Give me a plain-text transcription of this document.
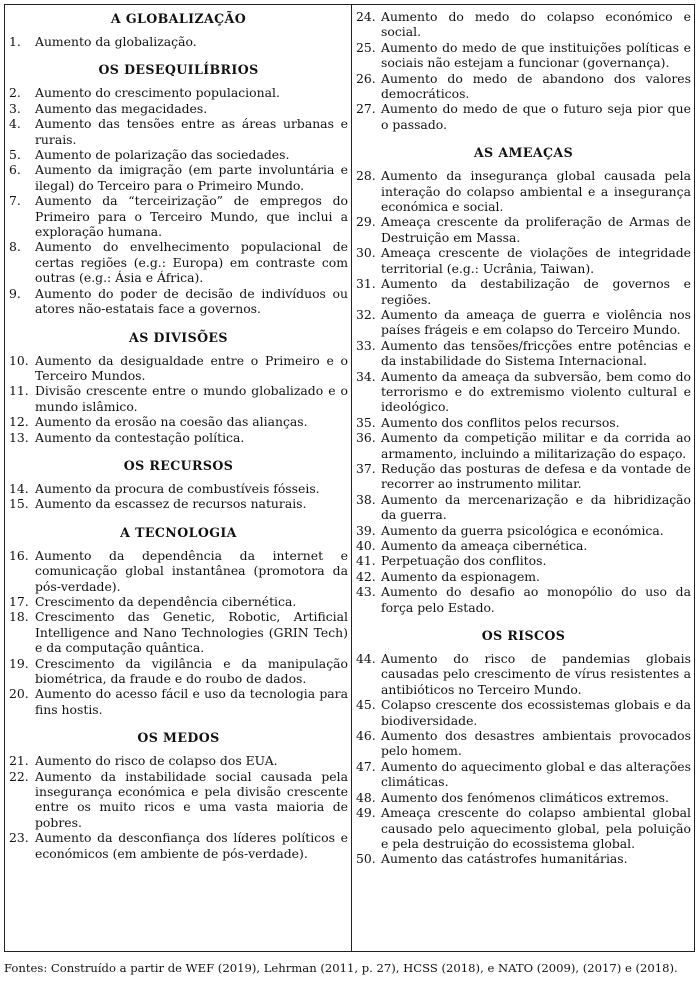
A GLOBALIZAÇÃO
1.	Aumento da globalização.
OS DESEQUILÍBRIOS
2.	Aumento do crescimento populacional.
3.	Aumento das megacidades.
4.	Aumento das tensões entre as áreas urbanas e rurais.
5.	Aumento de polarização das sociedades.
6.	Aumento da imigração (em parte involuntária e ilegal) do Terceiro para o Primeiro Mundo.
7.	Aumento da “terceirização” de empregos do Primeiro para o Terceiro Mundo, que inclui a exploração humana.
8.	Aumento do envelhecimento populacional de certas regiões (e.g.: Europa) em contraste com outras (e.g.: Ásia e África).
9.	Aumento do poder de decisão de indivíduos ou atores não-estatais face a governos.
AS DIVISÕES
10. Aumento da desigualdade entre o Primeiro e o Terceiro Mundos.
11. Divisão crescente entre o mundo globalizado e o mundo islâmico.
12. Aumento da erosão na coesão das alianças.
13. Aumento da contestação política.
OS RECURSOS
14. Aumento da procura de combustíveis fósseis.
15. Aumento da escassez de recursos naturais.
A TECNOLOGIA
16. Aumento da dependência da internet e comunicação global instantânea (promotora da pós-verdade).
17. Crescimento da dependência cibernética.
18. Crescimento das Genetic, Robotic, Artificial Intelligence and Nano Technologies (GRIN Tech) e da computação quântica.
19. Crescimento da vigilância e da manipulação biométrica, da fraude e do roubo de dados.
20. Aumento do acesso fácil e uso da tecnologia para fins hostis.
OS MEDOS
21. Aumento do risco de colapso dos EUA.
22. Aumento da instabilidade social causada pela insegurança económica e pela divisão crescente entre os muito ricos e uma vasta maioria de pobres.
23. Aumento da desconfiança dos líderes políticos e económicos (em ambiente de pós-verdade).
24. Aumento do medo do colapso económico e social.
25. Aumento do medo de que instituições políticas e sociais não estejam a funcionar (governança).
26. Aumento do medo de abandono dos valores democráticos.
27. Aumento do medo de que o futuro seja pior que o passado.
AS AMEAÇAS
28. Aumento da insegurança global causada pela interação do colapso ambiental e a insegurança económica e social.
29. Ameaça crescente da proliferação de Armas de Destruição em Massa.
30. Ameaça crescente de violações de integridade territorial (e.g.: Ucrânia, Taiwan).
31. Aumento da destabilização de governos e regiões.
32. Aumento da ameaça de guerra e violência nos países frágeis e em colapso do Terceiro Mundo.
33. Aumento das tensões/fricções entre potências e da instabilidade do Sistema Internacional.
34. Aumento da ameaça da subversão, bem como do terrorismo e do extremismo violento cultural e ideológico.
35. Aumento dos conflitos pelos recursos.
36. Aumento da competição militar e da corrida ao armamento, incluindo a militarização do espaço.
37. Redução das posturas de defesa e da vontade de recorrer ao instrumento militar.
38. Aumento da mercenarização e da hibridização da guerra.
39. Aumento da guerra psicológica e económica.
40. Aumento da ameaça cibernética.
41. Perpetuação dos conflitos.
42. Aumento da espionagem.
43. Aumento do desafio ao monopólio do uso da força pelo Estado.
OS RISCOS
44. Aumento do risco de pandemias globais causadas pelo crescimento de vírus resistentes a antibióticos no Terceiro Mundo.
45. Colapso crescente dos ecossistemas globais e da biodiversidade.
46. Aumento dos desastres ambientais provocados pelo homem.
47. Aumento do aquecimento global e das alterações climáticas.
48. Aumento dos fenómenos climáticos extremos.
49. Ameaça crescente do colapso ambiental global causado pelo aquecimento global, pela poluição e pela destruição do ecossistema global.
50. Aumento das catástrofes humanitárias.
Fontes: Construído a partir de WEF (2019), Lehrman (2011, p. 27), HCSS (2018), e NATO (2009), (2017) e (2018).
